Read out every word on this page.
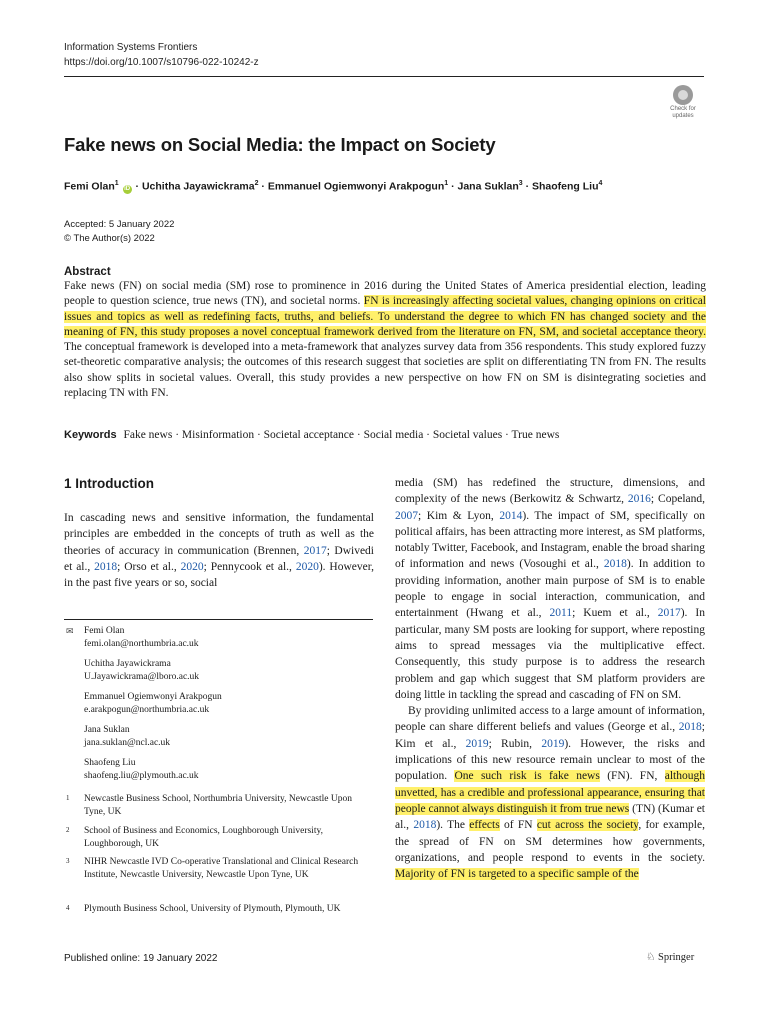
Information Systems Frontiers
https://doi.org/10.1007/s10796-022-10242-z
Check for
updates
Fake news on Social Media: the Impact on Society
Femi Olan$^1$ iD · Uchitha Jayawickrama$^2$ · Emmanuel Ogiemwonyi Arakpogun$^1$ · Jana Suklan$^3$ · Shaofeng Liu$^4$
Accepted: 5 January 2022
© The Author(s) 2022
Abstract
Fake news (FN) on social media (SM) rose to prominence in 2016 during the United States of America presidential election, leading people to question science, true news (TN), and societal norms. FN is increasingly affecting societal values, changing opinions on critical issues and topics as well as redefining facts, truths, and beliefs. To understand the degree to which FN has changed society and the meaning of FN, this study proposes a novel conceptual framework derived from the literature on FN, SM, and societal acceptance theory. The conceptual framework is developed into a meta-framework that analyzes survey data from 356 respondents. This study explored fuzzy set-theoretic comparative analysis; the outcomes of this research suggest that societies are split on differentiating TN from FN. The results also show splits in societal values. Overall, this study provides a new perspective on how FN on SM is disintegrating societies and replacing TN with FN.
Keywords Fake news · Misinformation · Societal acceptance · Social media · Societal values · True news
1 Introduction
In cascading news and sensitive information, the fundamental principles are embedded in the concepts of truth as well as the theories of accuracy in communication (Brennen, 2017; Dwivedi et al., 2018; Orso et al., 2020; Pennycook et al., 2020). However, in the past five years or so, social
✉ Femi Olan
femi.olan@northumbria.ac.uk
Uchitha Jayawickrama
U.Jayawickrama@lboro.ac.uk
Emmanuel Ogiemwonyi Arakpogun
e.arakpogun@northumbria.ac.uk
Jana Suklan
jana.suklan@ncl.ac.uk
Shaofeng Liu
shaofeng.liu@plymouth.ac.uk
1 Newcastle Business School, Northumbria University, Newcastle Upon Tyne, UK
2 School of Business and Economics, Loughborough University, Loughborough, UK
3 NIHR Newcastle IVD Co-operative Translational and Clinical Research Institute, Newcastle University, Newcastle Upon Tyne, UK
4 Plymouth Business School, University of Plymouth, Plymouth, UK

media (SM) has redefined the structure, dimensions, and complexity of the news (Berkowitz & Schwartz, 2016; Copeland, 2007; Kim & Lyon, 2014). The impact of SM, specifically on political affairs, has been attracting more interest, as SM platforms, notably Twitter, Facebook, and Instagram, enable the broad sharing of information and news (Vosoughi et al., 2018). In addition to providing information, another main purpose of SM is to enable people to engage in social interaction, communication, and entertainment (Hwang et al., 2011; Kuem et al., 2017). In particular, many SM posts are looking for support, where reposting aims to spread messages via the multiplicative effect. Consequently, this study purpose is to address the research problem and gap which suggest that SM platform providers are doing little in tackling the spread and cascading of FN on SM.

By providing unlimited access to a large amount of information, people can share different beliefs and values (George et al., 2018; Kim et al., 2019; Rubin, 2019). However, the risks and implications of this new resource remain unclear to most of the population. One such risk is fake news (FN). FN, although unvetted, has a credible and professional appearance, ensuring that people cannot always distinguish it from true news (TN) (Kumar et al., 2018). The effects of FN cut across the society, for example, the spread of FN on SM determines how governments, organizations, and people respond to events in the society. Majority of FN is targeted to a specific sample of the

Published online: 19 January 2022	♘ Springer
